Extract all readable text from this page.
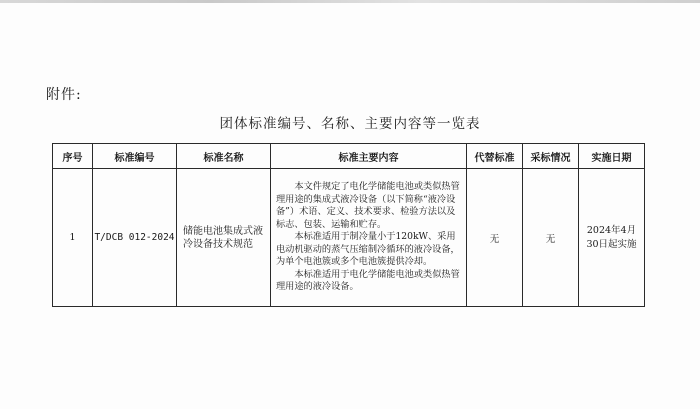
附件:
团体标准编号、名称、主要内容等一览表
序号	标准编号	标准名称	标准主要内容	代替标准	采标情况	实施日期
1	T/DCB 012-2024	储能电池集成式液冷设备技术规范	本文件规定了电化学储能电池或类似热管理用途的集成式液冷设备（以下简称“液冷设备”）术语、定义、技术要求、检验方法以及标志、包装、运输和贮存。

本标准适用于制冷量小于120kW、采用电动机驱动的蒸气压缩制冷循环的液冷设备，为单个电池簇或多个电池簇提供冷却。

本标准适用于电化学储能电池或类似热管理用途的液冷设备。	无	无	2024年4月30日起实施
